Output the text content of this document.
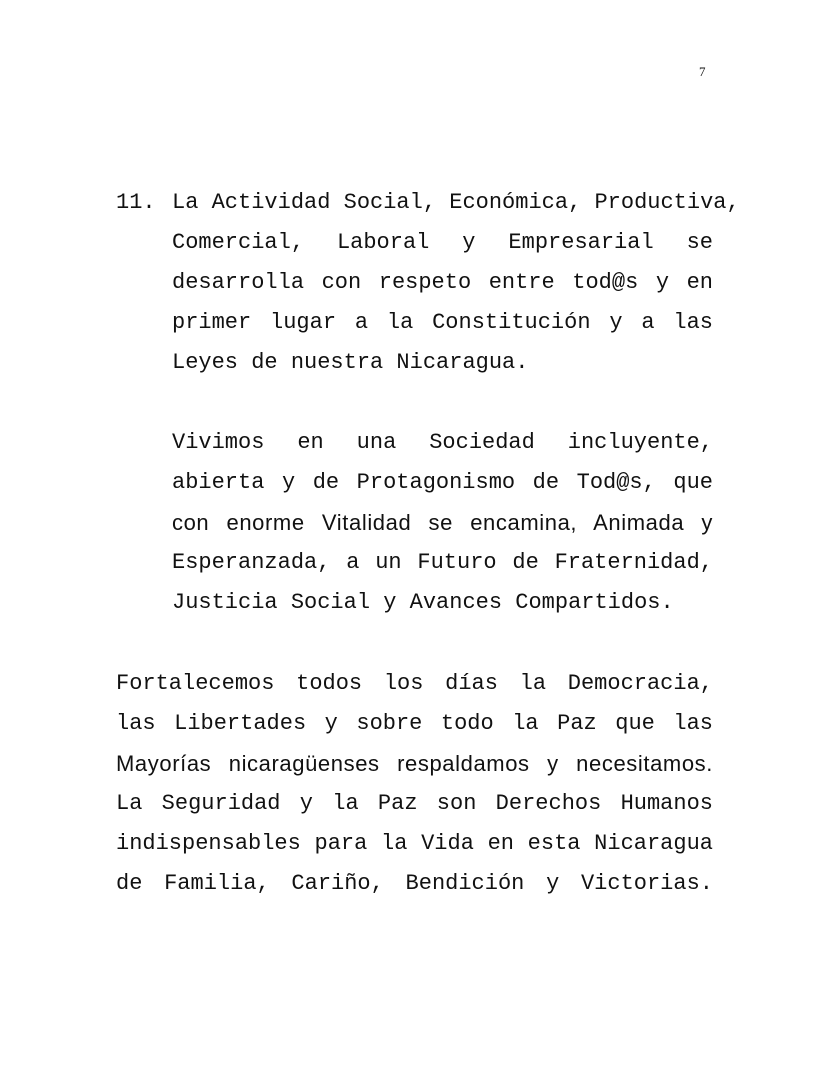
7
11. La Actividad Social, Económica, Productiva,
Comercial, Laboral y Empresarial se
desarrolla con respeto entre tod@s y en
primer lugar a la Constitución y a las
Leyes de nuestra Nicaragua.
Vivimos en una Sociedad incluyente,
abierta y de Protagonismo de Tod@s, que
con enorme Vitalidad se encamina, Animada y
Esperanzada, a un Futuro de Fraternidad,
Justicia Social y Avances Compartidos.
Fortalecemos todos los días la Democracia,
las Libertades y sobre todo la Paz que las
Mayorías nicaragüenses respaldamos y necesitamos.
La Seguridad y la Paz son Derechos Humanos
indispensables para la Vida en esta Nicaragua
de Familia, Cariño, Bendición y Victorias.
